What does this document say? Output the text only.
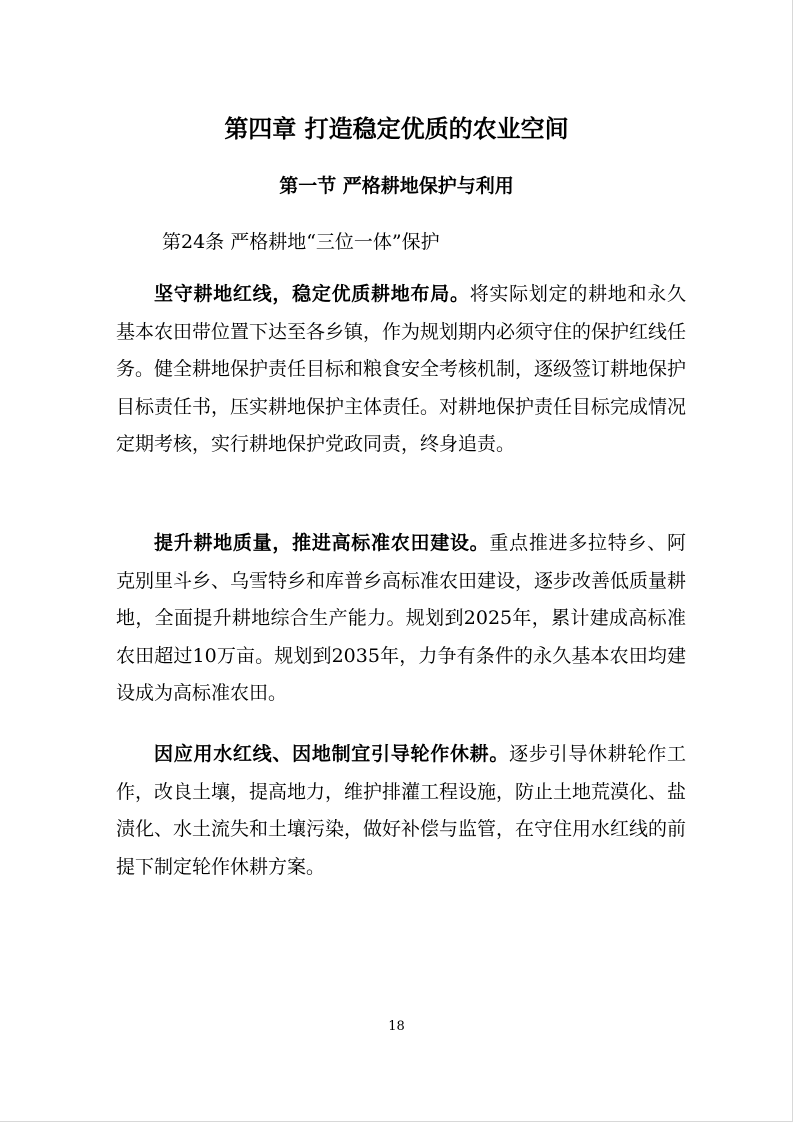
第四章 打造稳定优质的农业空间
第一节 严格耕地保护与利用

第24条 严格耕地“三位一体”保护

坚守耕地红线，稳定优质耕地布局。将实际划定的耕地和永久基本农田带位置下达至各乡镇，作为规划期内必须守住的保护红线任务。健全耕地保护责任目标和粮食安全考核机制，逐级签订耕地保护目标责任书，压实耕地保护主体责任。对耕地保护责任目标完成情况定期考核，实行耕地保护党政同责，终身追责。

提升耕地质量，推进高标准农田建设。重点推进多拉特乡、阿克别里斗乡、乌雪特乡和库普乡高标准农田建设，逐步改善低质量耕地，全面提升耕地综合生产能力。规划到2025年，累计建成高标准农田超过10万亩。规划到2035年，力争有条件的永久基本农田均建设成为高标准农田。

因应用水红线、因地制宜引导轮作休耕。逐步引导休耕轮作工作，改良土壤，提高地力，维护排灌工程设施，防止土地荒漠化、盐渍化、水土流失和土壤污染，做好补偿与监管，在守住用水红线的前提下制定轮作休耕方案。

18
